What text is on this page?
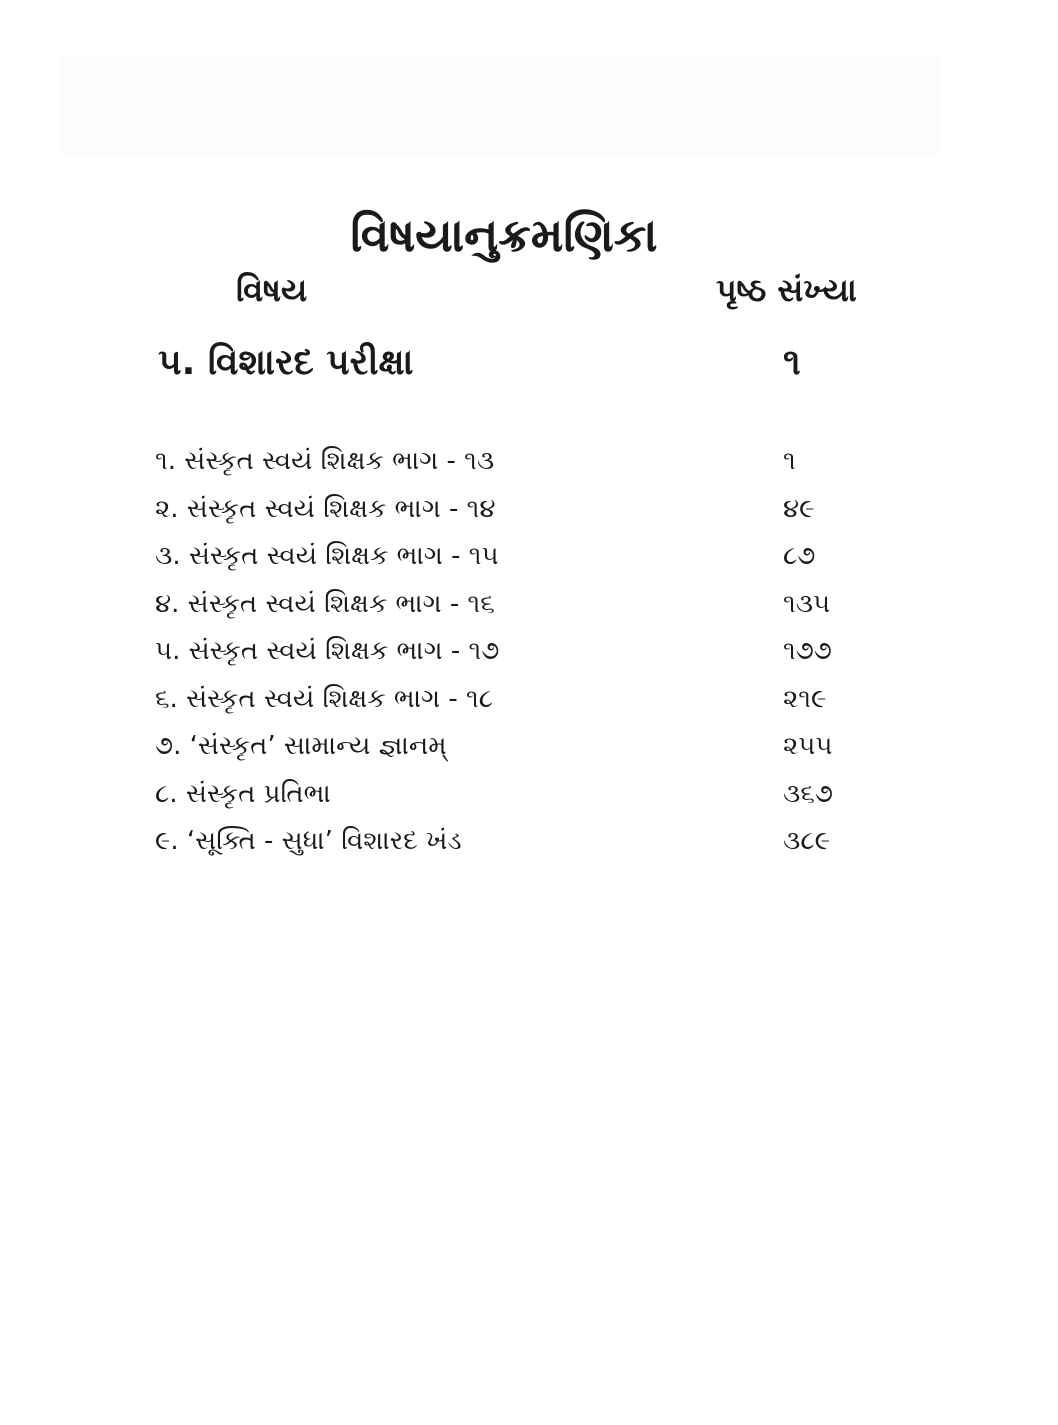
વિષયાનુક્રમણિકા
વિષય	પૃષ્ઠ સંખ્યા
૫. વિશારદ પરીક્ષા	૧
૧. સંસ્કૃત સ્વયં શિક્ષક ભાગ - ૧૩	૧
૨. સંસ્કૃત સ્વયં શિક્ષક ભાગ - ૧૪	૪૯
૩. સંસ્કૃત સ્વયં શિક્ષક ભાગ - ૧૫	૮૭
૪. સંસ્કૃત સ્વયં શિક્ષક ભાગ - ૧૬	૧૩૫
૫. સંસ્કૃત સ્વયં શિક્ષક ભાગ - ૧૭	૧૭૭
૬. સંસ્કૃત સ્વયં શિક્ષક ભાગ - ૧૮	૨૧૯
૭. ‘સંસ્કૃત’ સામાન્ય જ્ઞાનમ્	૨૫૫
૮. સંસ્કૃત પ્રતિભા	૩૬૭
૯. ‘સૂક્તિ - સુધા’ વિશારદ ખંડ	૩૮૯
